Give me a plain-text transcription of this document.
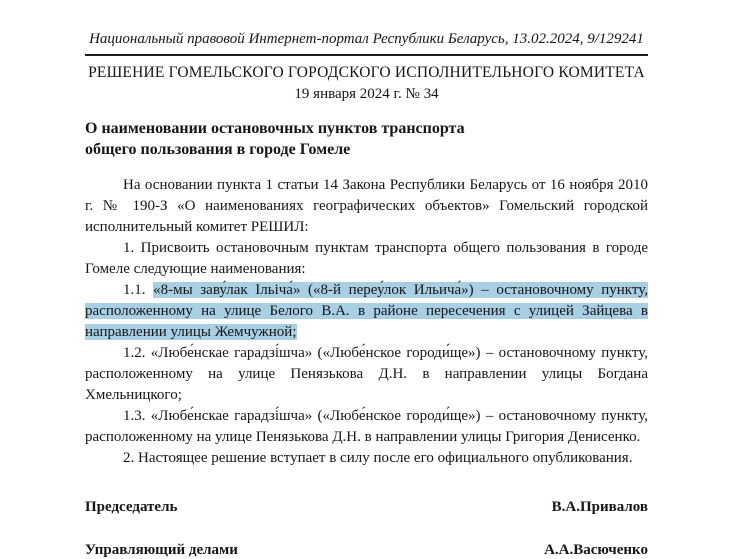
Национальный правовой Интернет-портал Республики Беларусь, 13.02.2024, 9/129241
РЕШЕНИЕ ГОМЕЛЬСКОГО ГОРОДСКОГО ИСПОЛНИТЕЛЬНОГО КОМИТЕТА
19 января 2024 г. № 34
О наименовании остановочных пунктов транспорта
общего пользования в городе Гомеле

На основании пункта 1 статьи 14 Закона Республики Беларусь от 16 ноября 2010 г. № 190-З «О наименованиях географических объектов» Гомельский городской исполнительный комитет РЕШИЛ:

1. Присвоить остановочным пунктам транспорта общего пользования в городе Гомеле следующие наименования:

1.1. «8-мы заву́лак Ільіча́» («8-й переу́лок Ильича́») – остановочному пункту, расположенному на улице Белого В.А. в районе пересечения с улицей Зайцева в направлении улицы Жемчужной;

1.2. «Любе́нскае гарадзі́шча» («Любе́нское городи́ще») – остановочному пункту, расположенному на улице Пенязькова Д.Н. в направлении улицы Богдана Хмельницкого;

1.3. «Любе́нскае гарадзі́шча» («Любе́нское городи́ще») – остановочному пункту, расположенному на улице Пенязькова Д.Н. в направлении улицы Григория Денисенко.

2. Настоящее решение вступает в силу после его официального опубликования.

Председатель	В.А.Привалов
Управляющий делами	А.А.Васюченко
